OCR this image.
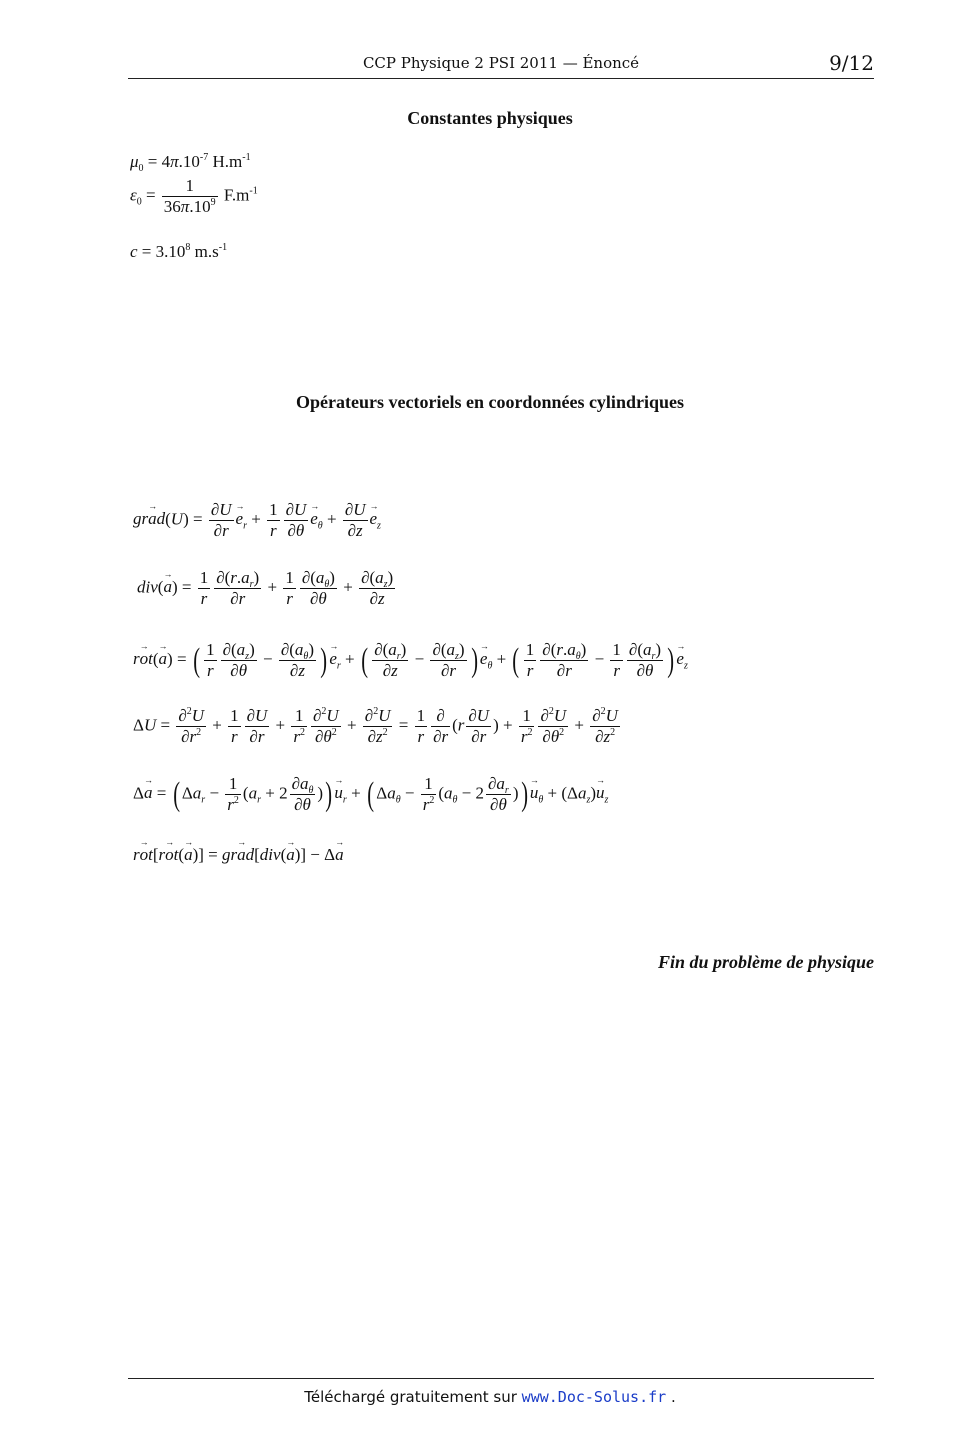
CCP Physique 2 PSI 2011 — Énoncé	9/12
Constantes physiques
$\mu_0 = 4\pi.10^{-7}$ $H.m^{-1}$
$\varepsilon_0 = \frac{1}{36\pi.10^9} F.m^{-1}$
$c = 3.10^8$ $m.s^{-1}$
Opérateurs vectoriels en coordonnées cylindriques
$gr\to ad(U) = \frac{\partial U}{\partial r}$
→ $e_r + \frac{1}{r} \frac{\partial U}{\partial\theta}$
→ $e_\theta + \frac{\partial U}{\partial z}$
→ $e_z$
$div(\to a) = \frac{1}{r} \frac{\partial(r.a_r)}{\partial r} + \frac{1}{r} \frac{\partial(a_\theta)}{\partial\theta} + \frac{\partial(a_z)}{\partial z}$
r→ ot(→ a) = ( $\frac{1}{r} \frac{\partial(a_z)}{\partial\theta} - \frac{\partial(a_\theta)}{\partial z}$ )→ $e_r$ + ( $\frac{\partial(a_r)}{\partial z} - \frac{\partial(a_z)}{\partial r}$ )→ $e_\theta$ + ( $\frac{1}{r} \frac{\partial(r.a_\theta)}{\partial r} - \frac{1}{r} \frac{\partial(a_r)}{\partial\theta}$ )→ $e_z$
$\Delta U = \frac{\partial^2U}{\partial r^2} + \frac{1}{r} \frac{\partial U}{\partial r} + \frac{1}{r^2} \frac{\partial^2U}{\partial\theta^2} + \frac{\partial^2U}{\partial z^2} = \frac{1}{r} \frac{\partial}{\partial r} (r \frac{\partial U}{\partial r}$ ) + $\frac{1}{r^2} \frac{\partial^2U}{\partial\theta^2} + \frac{\partial^2U}{\partial z^2}$
Δ→ a = ( $\Delta a_r - \frac{1}{r^2} (a_r + 2 \frac{\partial a_\theta}{\partial\theta}$ ))→ $u_r$ + ( $\Delta a_\theta - \frac{1}{r^2} (a_\theta - 2 \frac{\partial a_r}{\partial\theta}$ ))→ $u_\theta + (\Delta a_z)\to u_z$
r→ ot[r→ ot(→ a)] = gr→ ad[div(→ a)] − Δ→ a
Fin du problème de physique
Téléchargé gratuitement sur www.Doc-Solus.fr .
